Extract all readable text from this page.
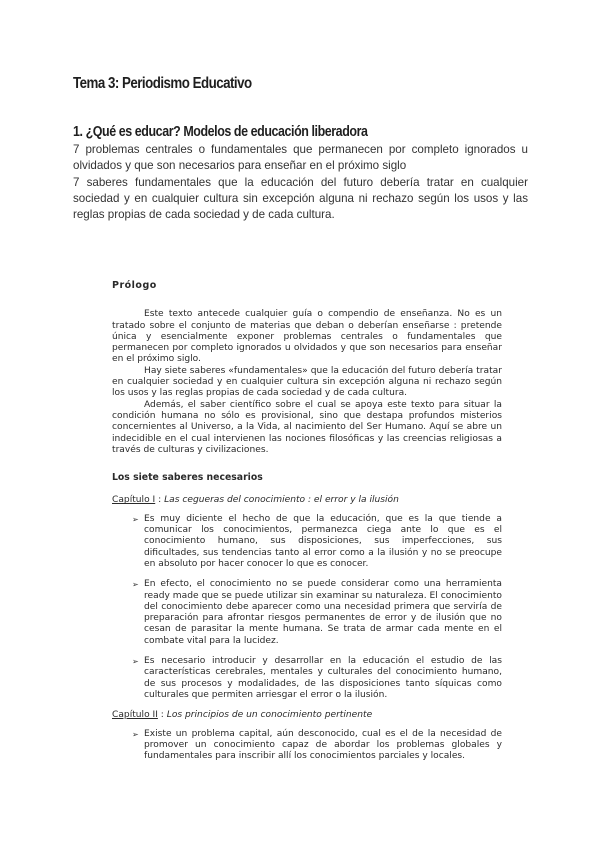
Tema 3: Periodismo Educativo
1. ¿Qué es educar? Modelos de educación liberadora

7 problemas centrales o fundamentales que permanecen por completo ignorados u olvidados y que son necesarios para enseñar en el próximo siglo

7 saberes fundamentales que la educación del futuro debería tratar en cualquier sociedad y en cualquier cultura sin excepción alguna ni rechazo según los usos y las reglas propias de cada sociedad y de cada cultura.

Prólogo

Este texto antecede cualquier guía o compendio de enseñanza. No es un tratado sobre el conjunto de materias que deban o deberían enseñarse : pretende única y esencialmente exponer problemas centrales o fundamentales que permanecen por completo ignorados u olvidados y que son necesarios para enseñar en el próximo siglo.

Hay siete saberes «fundamentales» que la educación del futuro debería tratar en cualquier sociedad y en cualquier cultura sin excepción alguna ni rechazo según los usos y las reglas propias de cada sociedad y de cada cultura.

Además, el saber científico sobre el cual se apoya este texto para situar la condición humana no sólo es provisional, sino que destapa profundos misterios concernientes al Universo, a la Vida, al nacimiento del Ser Humano. Aquí se abre un indecidible en el cual intervienen las nociones filosóficas y las creencias religiosas a través de culturas y civilizaciones.

Los siete saberes necesarios

Capítulo I : Las cegueras del conocimiento : el error y la ilusión

➢ Es muy diciente el hecho de que la educación, que es la que tiende a comunicar los conocimientos, permanezca ciega ante lo que es el conocimiento humano, sus disposiciones, sus imperfecciones, sus dificultades, sus tendencias tanto al error como a la ilusión y no se preocupe en absoluto por hacer conocer lo que es conocer.
➢ En efecto, el conocimiento no se puede considerar como una herramienta ready made que se puede utilizar sin examinar su naturaleza. El conocimiento del conocimiento debe aparecer como una necesidad primera que serviría de preparación para afrontar riesgos permanentes de error y de ilusión que no cesan de parasitar la mente humana. Se trata de armar cada mente en el combate vital para la lucidez.
➢ Es necesario introducir y desarrollar en la educación el estudio de las características cerebrales, mentales y culturales del conocimiento humano, de sus procesos y modalidades, de las disposiciones tanto síquicas como culturales que permiten arriesgar el error o la ilusión.

Capítulo II : Los principios de un conocimiento pertinente

➢ Existe un problema capital, aún desconocido, cual es el de la necesidad de promover un conocimiento capaz de abordar los problemas globales y fundamentales para inscribir allí los conocimientos parciales y locales.
